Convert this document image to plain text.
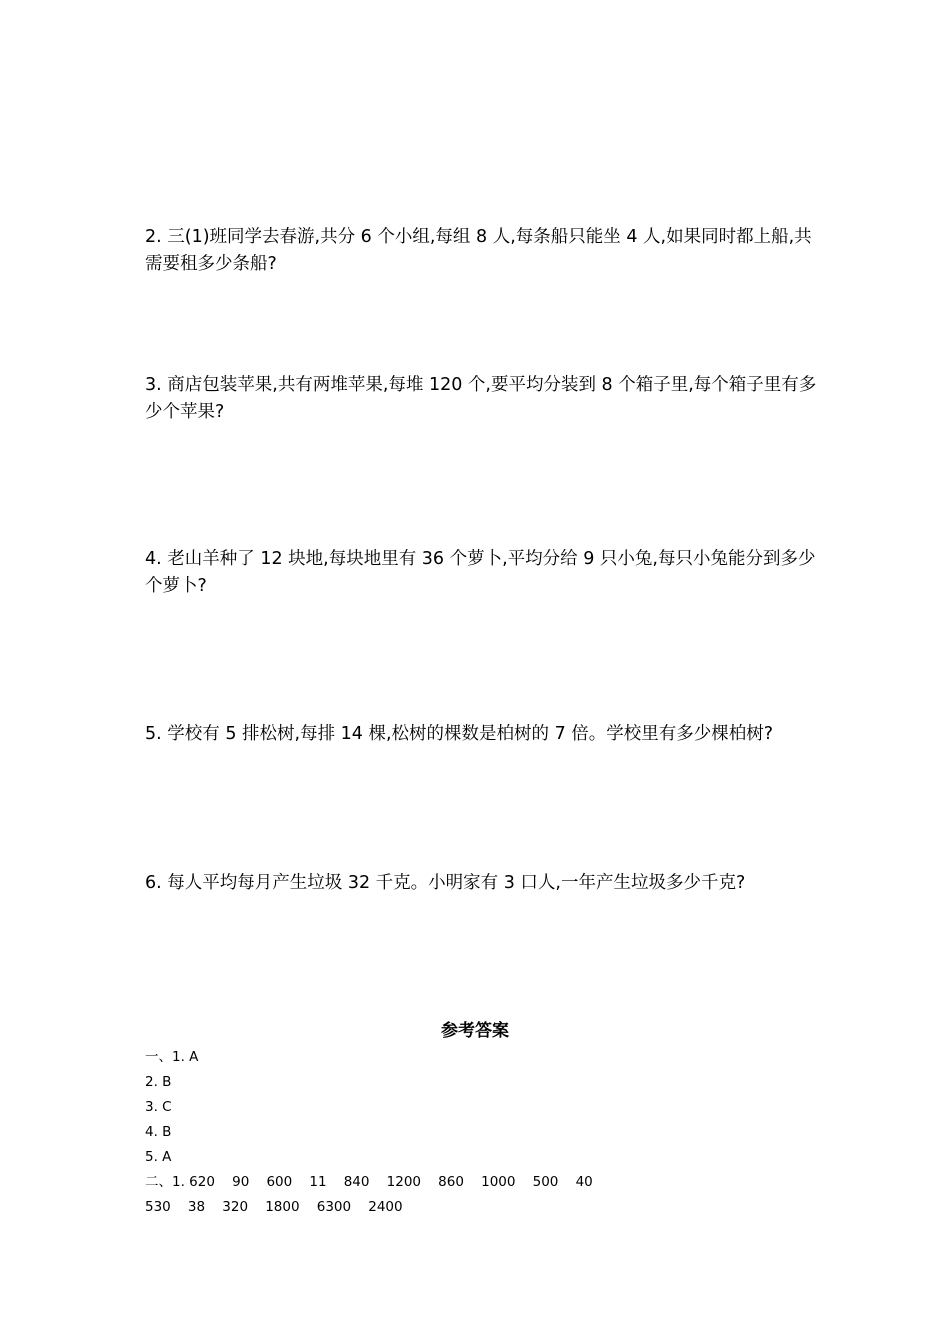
2. 三(1)班同学去春游,共分 6 个小组,每组 8 人,每条船只能坐 4 人,如果同时都上船,共需要租多少条船?

3. 商店包装苹果,共有两堆苹果,每堆 120 个,要平均分装到 8 个箱子里,每个箱子里有多少个苹果?

4. 老山羊种了 12 块地,每块地里有 36 个萝卜,平均分给 9 只小兔,每只小兔能分到多少个萝卜?

5. 学校有 5 排松树,每排 14 棵,松树的棵数是柏树的 7 倍。学校里有多少棵柏树?

6. 每人平均每月产生垃圾 32 千克。小明家有 3 口人,一年产生垃圾多少千克?

参考答案

一、1. A

2. B

3. C

4. B

5. A

二、1. 620    90    600    11    840    1200    860    1000    500    40

530    38    320    1800    6300    2400
